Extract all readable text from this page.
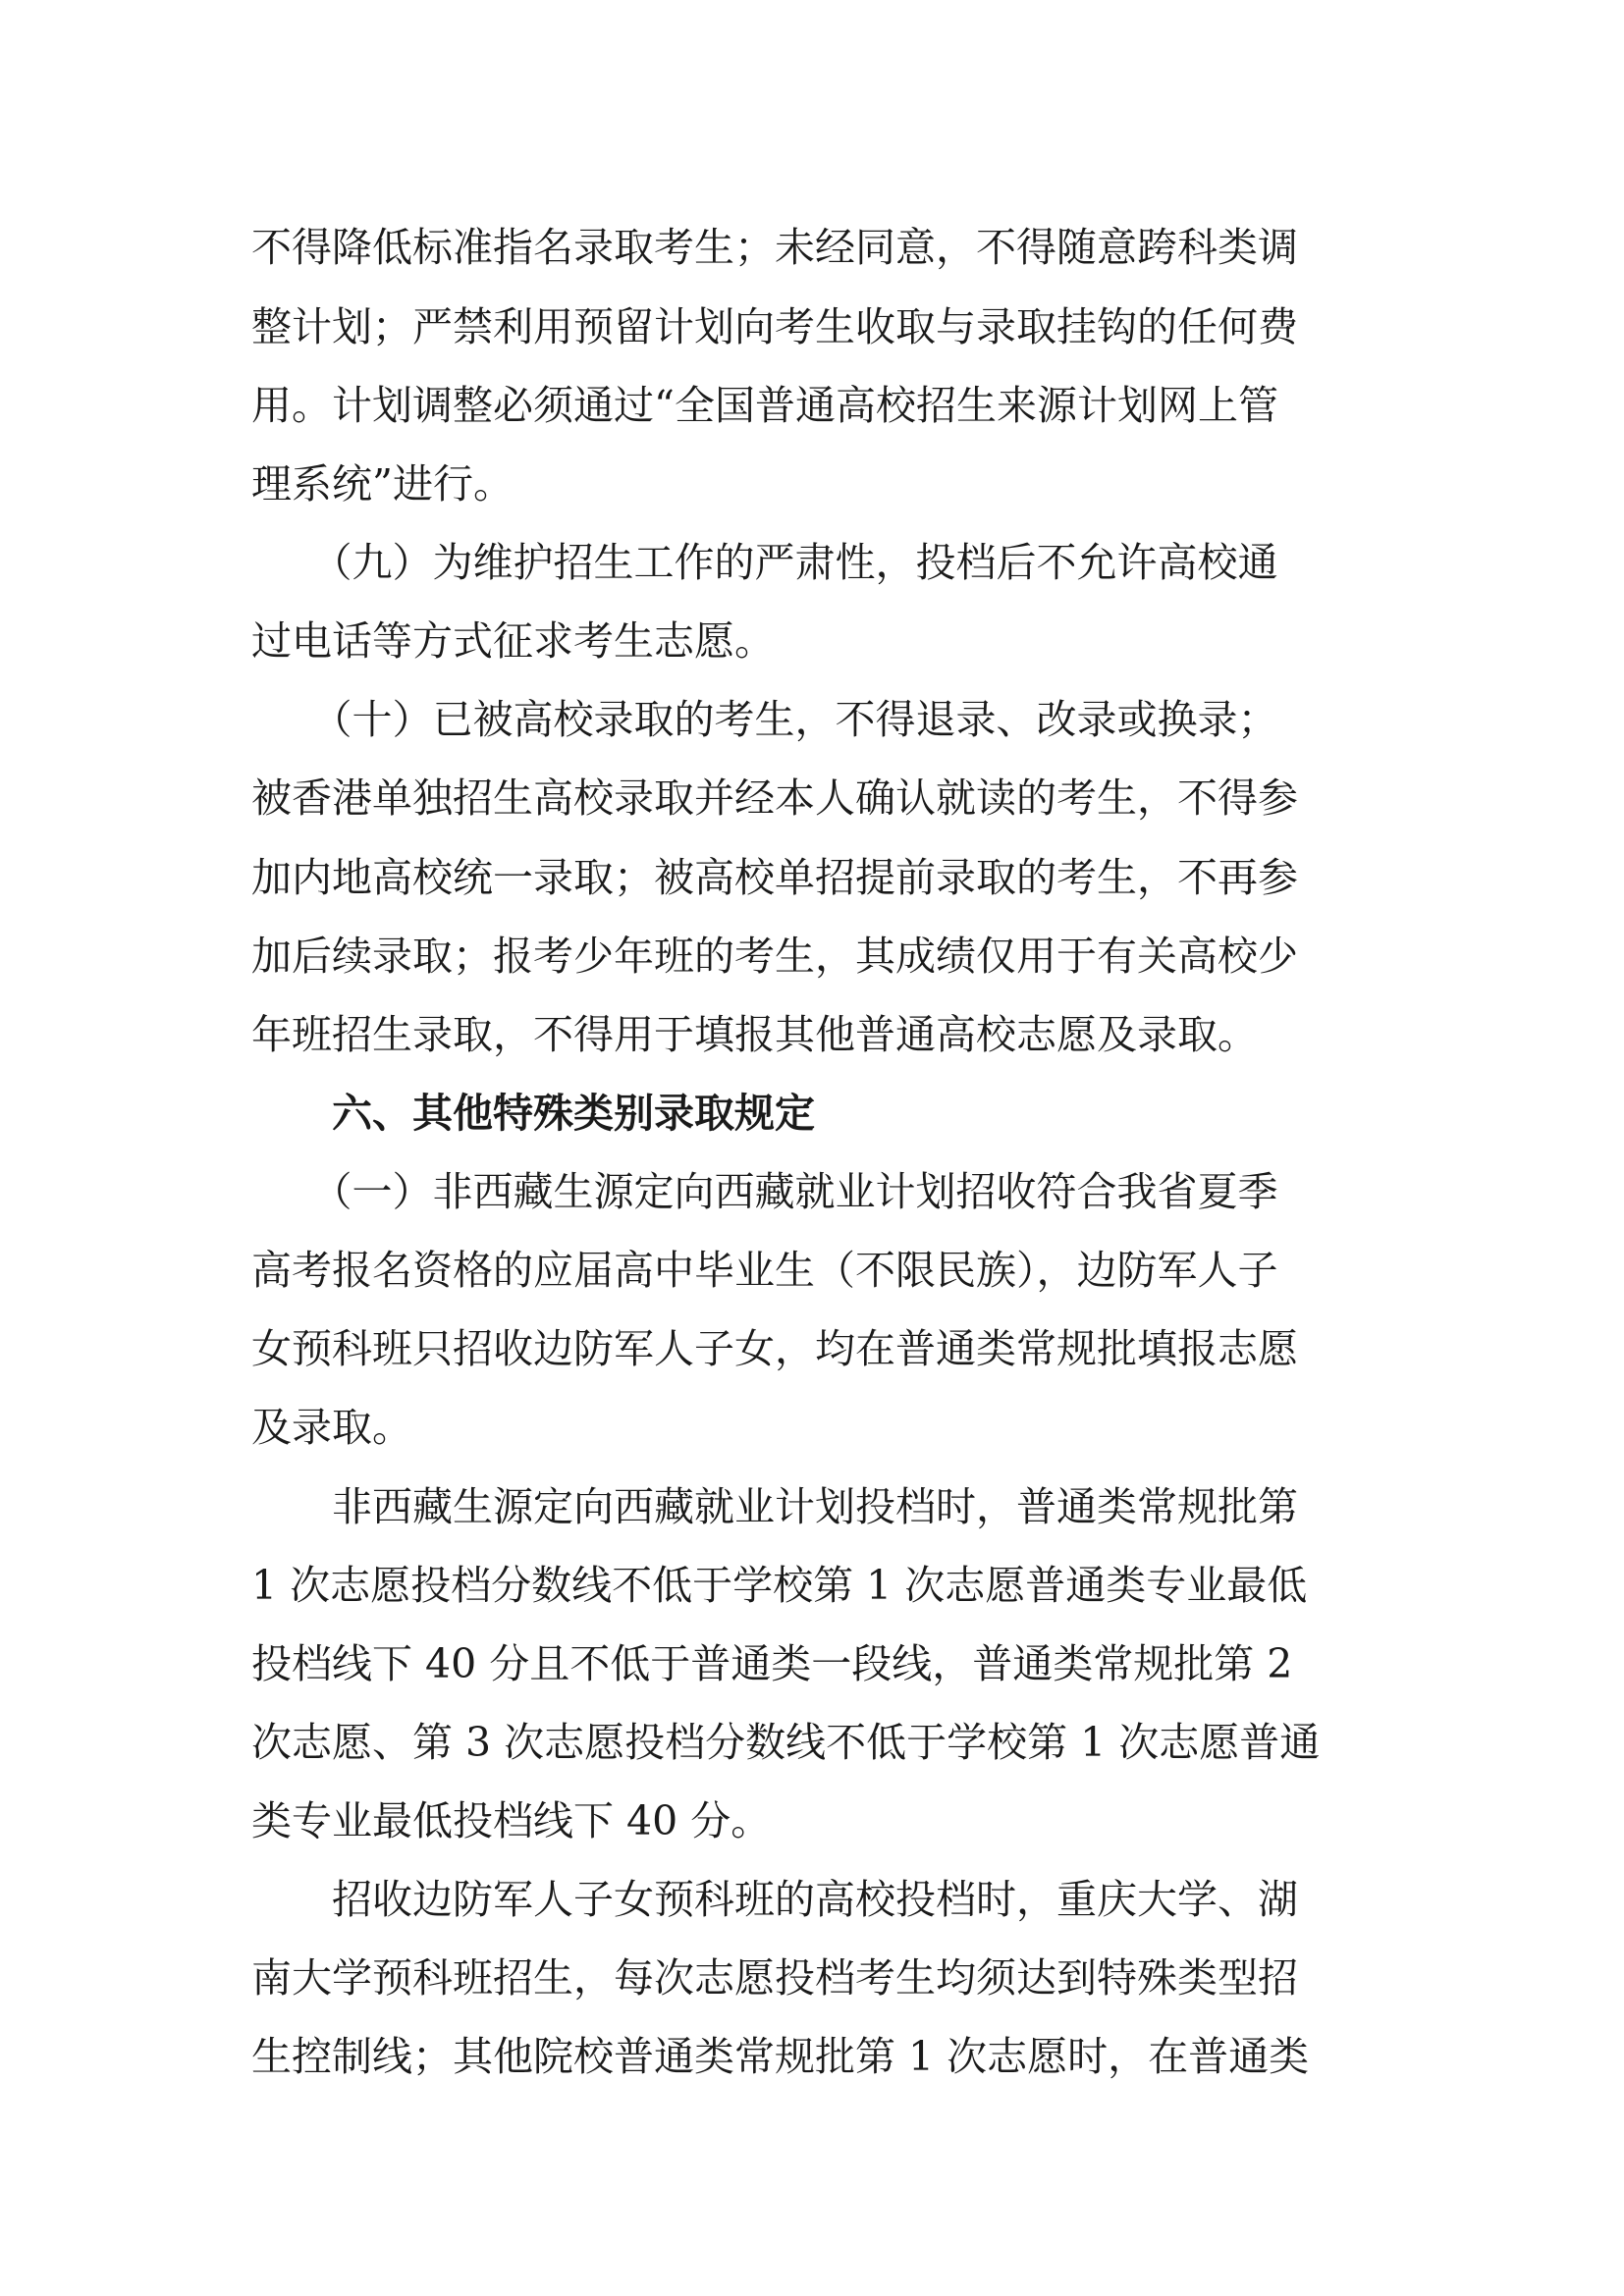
不得降低标准指名录取考生；未经同意，不得随意跨科类调
整计划；严禁利用预留计划向考生收取与录取挂钩的任何费
用。计划调整必须通过“全国普通高校招生来源计划网上管
理系统”进行。
　　（九）为维护招生工作的严肃性，投档后不允许高校通
过电话等方式征求考生志愿。
　　（十）已被高校录取的考生，不得退录、改录或换录；
被香港单独招生高校录取并经本人确认就读的考生，不得参
加内地高校统一录取；被高校单招提前录取的考生，不再参
加后续录取；报考少年班的考生，其成绩仅用于有关高校少
年班招生录取，不得用于填报其他普通高校志愿及录取。
　　六、其他特殊类别录取规定
　　（一）非西藏生源定向西藏就业计划招收符合我省夏季
高考报名资格的应届高中毕业生（不限民族），边防军人子
女预科班只招收边防军人子女，均在普通类常规批填报志愿
及录取。
　　非西藏生源定向西藏就业计划投档时，普通类常规批第
1 次志愿投档分数线不低于学校第 1 次志愿普通类专业最低
投档线下 40 分且不低于普通类一段线，普通类常规批第 2
次志愿、第 3 次志愿投档分数线不低于学校第 1 次志愿普通
类专业最低投档线下 40 分。
　　招收边防军人子女预科班的高校投档时，重庆大学、湖
南大学预科班招生，每次志愿投档考生均须达到特殊类型招
生控制线；其他院校普通类常规批第 1 次志愿时，在普通类
